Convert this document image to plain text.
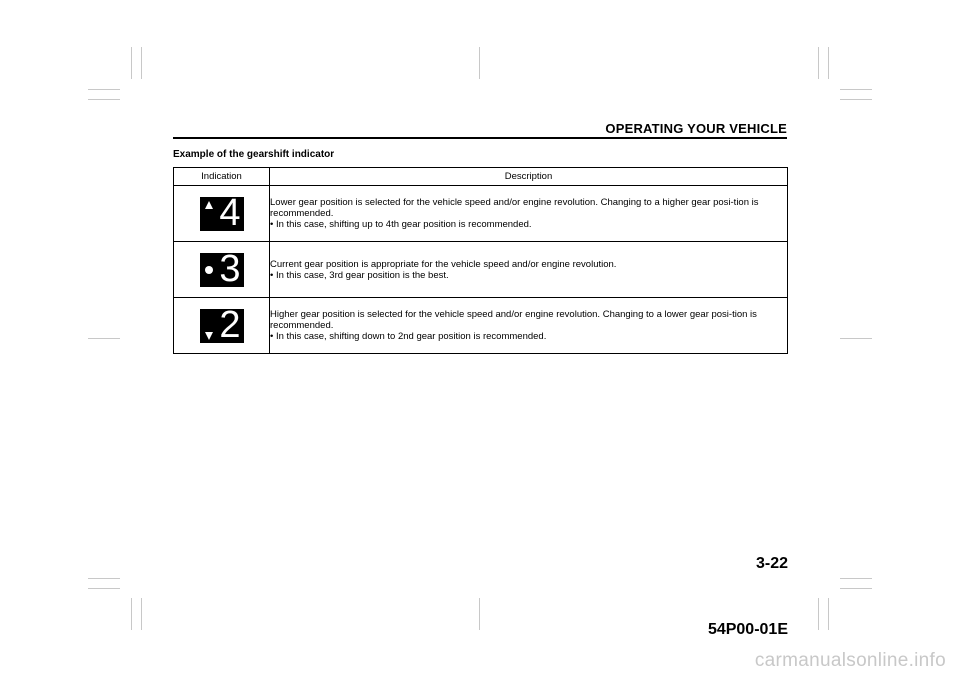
OPERATING YOUR VEHICLE
Example of the gearshift indicator
Indication	Description

4	Lower gear position is selected for the vehicle speed and/or engine revolution. Changing to a higher gear posi-tion is recommended.

• In this case, shifting up to 4th gear position is recommended.

3	Current gear position is appropriate for the vehicle speed and/or engine revolution.

• In this case, 3rd gear position is the best.

2	Higher gear position is selected for the vehicle speed and/or engine revolution. Changing to a lower gear posi-tion is recommended.

• In this case, shifting down to 2nd gear position is recommended.

3-22
54P00-01E
carmanualsonline.info
